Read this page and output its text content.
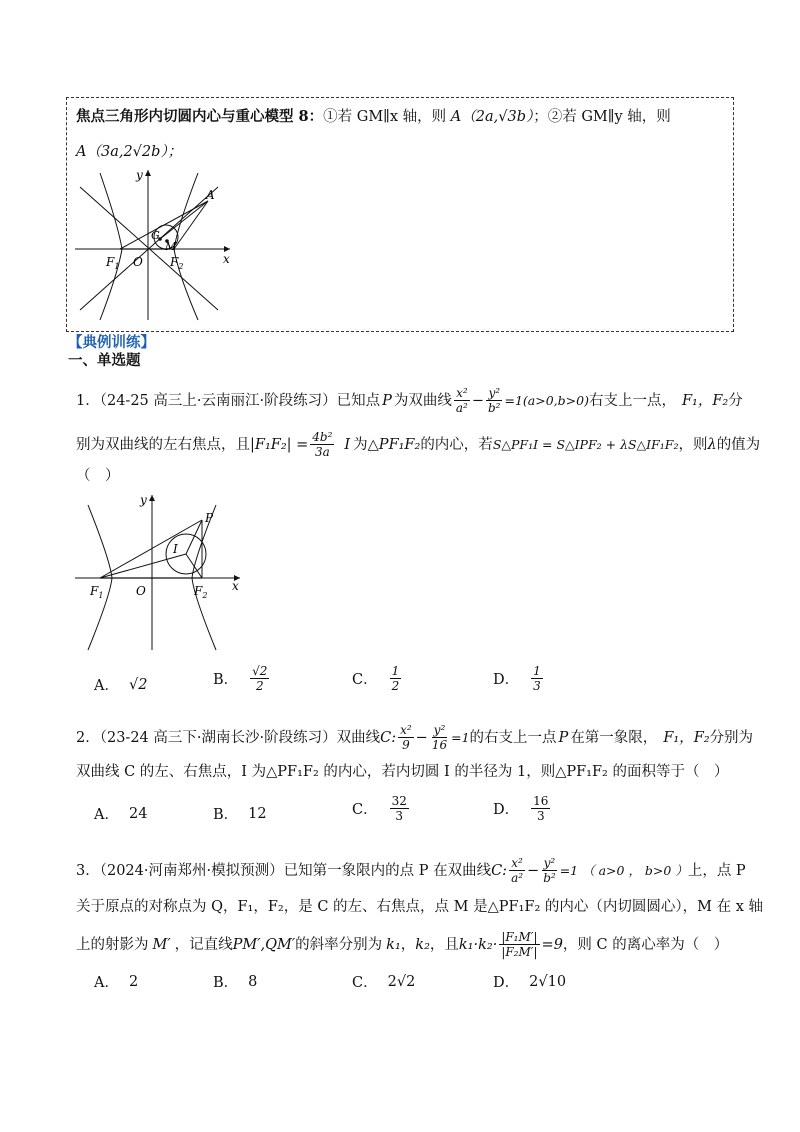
焦点三角形内切圆内心与重心模型 8：①若 GM∥x 轴，则 A（2a,√3b）；②若 GM∥y 轴，则
A（3a,2√2b）；
y
x
A
G
M
$F_1$ O $F_2$
【典例训练】
一、单选题
1．（24-25 高三上·云南丽江·阶段练习）已知点 P 为双曲线 $\frac{\text{x²}}{\text{a²}} - \frac{\text{y²}}{\text{b²}} =1(a>0,b>0)$ 右支上一点， F₁， F₂ 分
别为双曲线的左右焦点，且 $|F_1F_2| = \frac{\text{4b²}}{3a}$ I 为 △PF₁F₂ 的内心，若 S△PF₁I = S△IPF₂ + λS△IF₁F₂ ，则 λ 的值为
（　）
y
x
P
I
$F_1$	O	$F_2$
A． √2	B． $\frac{√2}{2}$	C． $\frac{1}{2}$	D． $\frac{1}{3}$
2．（23-24 高三下·湖南长沙·阶段练习）双曲线 C: $\frac{\text{x²}}{9} - \frac{\text{y²}}{16} =1$ 的右支上一点 P 在第一象限， F₁， F₂ 分别为
双曲线 C 的左、右焦点，I 为△PF₁F₂ 的内心，若内切圆 I 的半径为 1，则△PF₁F₂ 的面积等于（　）
A． 24	B． 12	C． $\frac{32}{3}$	D． $\frac{16}{3}$
3．（2024·河南郑州·模拟预测）已知第一象限内的点 P 在双曲线 C: $\frac{\text{x²}}{\text{a²}} - \frac{\text{y²}}{\text{b²}} =1$ （ a>0 ， b>0 ） 上，点 P
关于原点的对称点为 Q，F₁，F₂，是 C 的左、右焦点，点 M 是△PF₁F₂ 的内心（内切圆圆心），M 在 x 轴
上的射影为 M′ ，记直线 PM′,QM′ 的斜率分别为 k₁ ， k₂ ，且 $k_1\cdot k_2\cdot \frac{\text{|F₁M′|}}{\text{|F₂M′|}} =9$ ，则 C 的离心率为（　）
A． 2	B． 8	C． 2√2	D． 2√10
